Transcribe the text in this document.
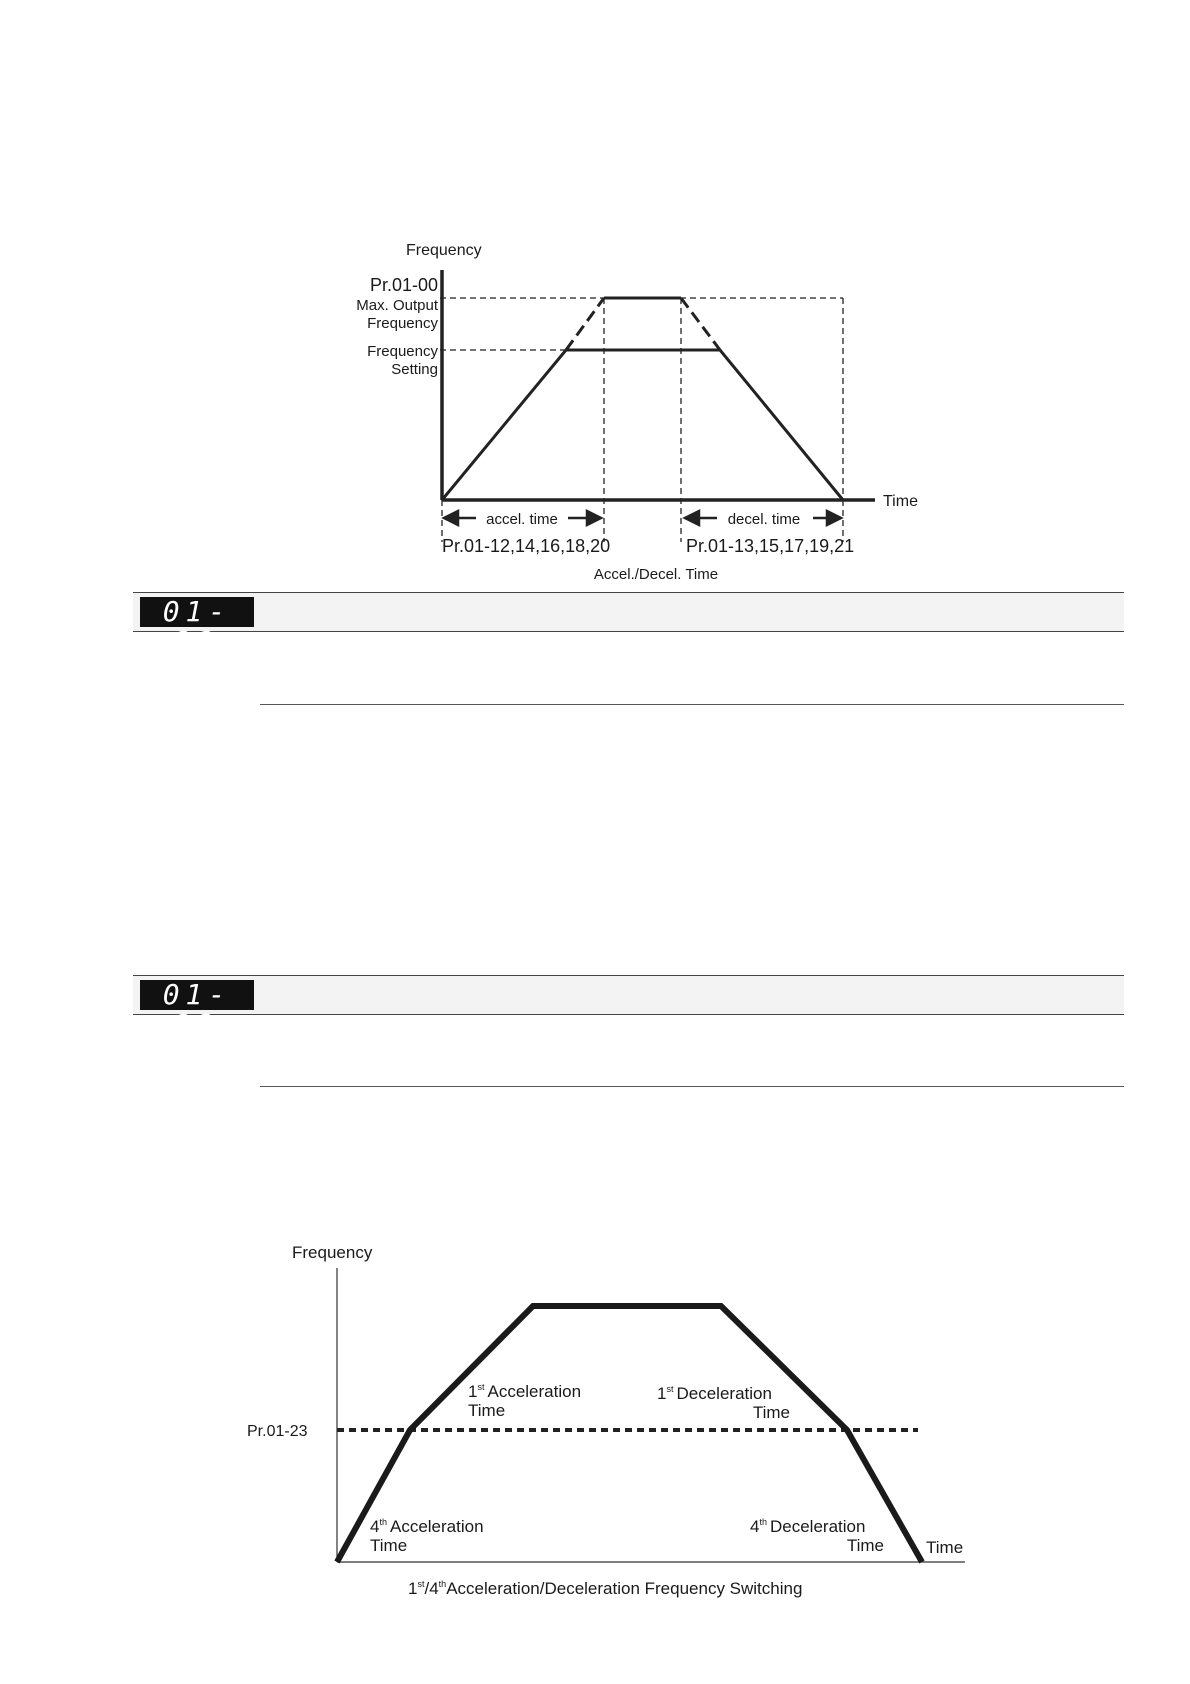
Frequency
Pr.01-00
Max. Output
Frequency
Frequency
Setting
Time
accel. time	decel. time
Pr.01-12,14,16,18,20	Pr.01-13,15,17,19,21
Accel./Decel. Time
01-22
01-23
Frequency
Pr.01-23
Time
1st Acceleration
Time
1st Deceleration
Time
4th Acceleration
Time
4th Deceleration
Time
1st/4thAcceleration/Deceleration Frequency Switching
